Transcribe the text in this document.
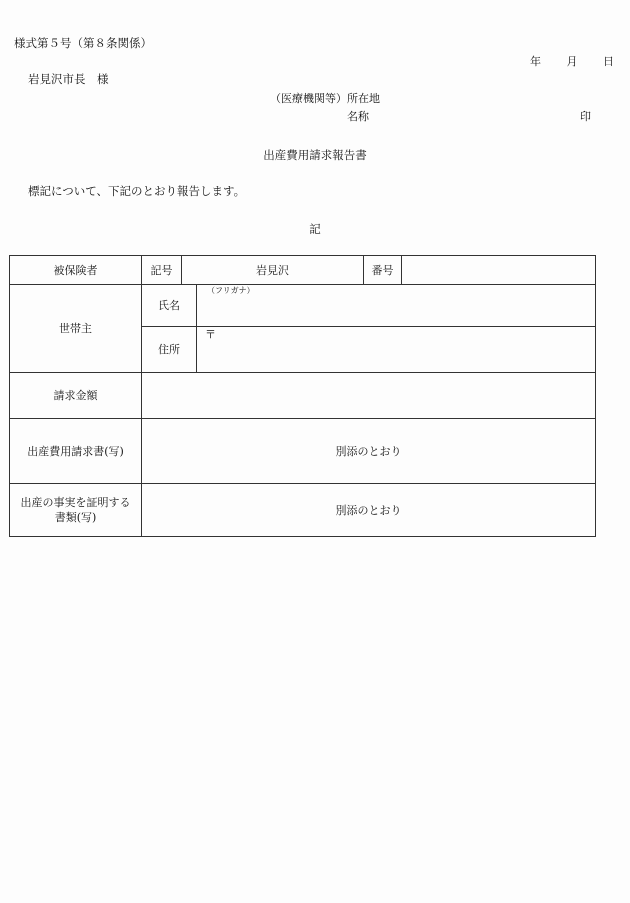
様式第５号（第８条関係）
年 月 日
岩見沢市長　様
（医療機関等）所在地
名称	印
出産費用請求報告書
標記について、下記のとおり報告します。
記
被保険者	記号	岩見沢		番号	
世帯主	氏名		（フリガナ）		

	住所		〒		

請求金額					
出産費用請求書(写)	別添のとおり				

出産の事実を証明する
書類(写)	別添のとおり				
